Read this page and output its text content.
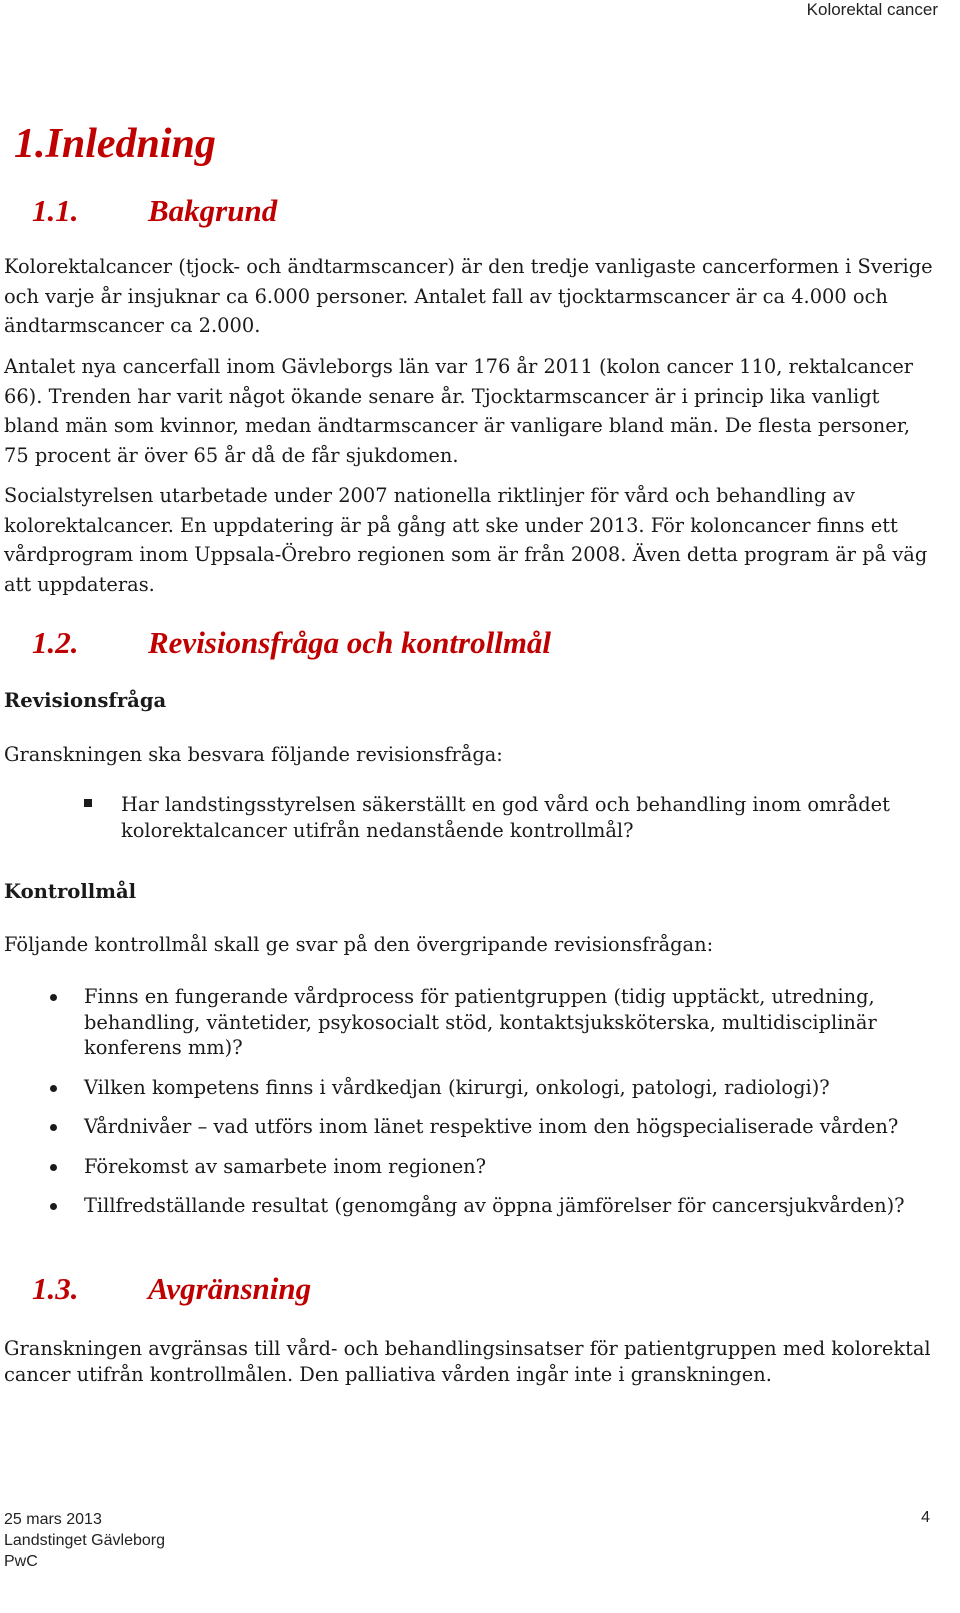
Kolorektal cancer
1.Inledning
1.1. Bakgrund

Kolorektalcancer (tjock- och ändtarmscancer) är den tredje vanligaste cancerformen i Sverige och varje år insjuknar ca 6.000 personer. Antalet fall av tjocktarmscancer är ca 4.000 och ändtarmscancer ca 2.000.

Antalet nya cancerfall inom Gävleborgs län var 176 år 2011 (kolon cancer 110, rektalcancer 66). Trenden har varit något ökande senare år. Tjocktarmscancer är i princip lika vanligt bland män som kvinnor, medan ändtarmscancer är vanligare bland män. De flesta personer, 75 procent är över 65 år då de får sjukdomen.

Socialstyrelsen utarbetade under 2007 nationella riktlinjer för vård och behandling av kolorektalcancer. En uppdatering är på gång att ske under 2013. För koloncancer finns ett vårdprogram inom Uppsala-Örebro regionen som är från 2008. Även detta program är på väg att uppdateras.

1.2. Revisionsfråga och kontrollmål
Revisionsfråga

Granskningen ska besvara följande revisionsfråga:

Har landstingsstyrelsen säkerställt en god vård och behandling inom området kolorektalcancer utifrån nedanstående kontrollmål?
Kontrollmål

Följande kontrollmål skall ge svar på den övergripande revisionsfrågan:

Finns en fungerande vårdprocess för patientgruppen (tidig upptäckt, utredning, behandling, väntetider, psykosocialt stöd, kontaktsjuksköterska, multidisciplinär konferens mm)?
Vilken kompetens finns i vårdkedjan (kirurgi, onkologi, patologi, radiologi)?
Vårdnivåer – vad utförs inom länet respektive inom den högspecialiserade vården?
Förekomst av samarbete inom regionen?
Tillfredställande resultat (genomgång av öppna jämförelser för cancersjukvården)?
1.3. Avgränsning

Granskningen avgränsas till vård- och behandlingsinsatser för patientgruppen med kolorektal cancer utifrån kontrollmålen. Den palliativa vården ingår inte i granskningen.

25 mars 2013
Landstinget Gävleborg
PwC
4
